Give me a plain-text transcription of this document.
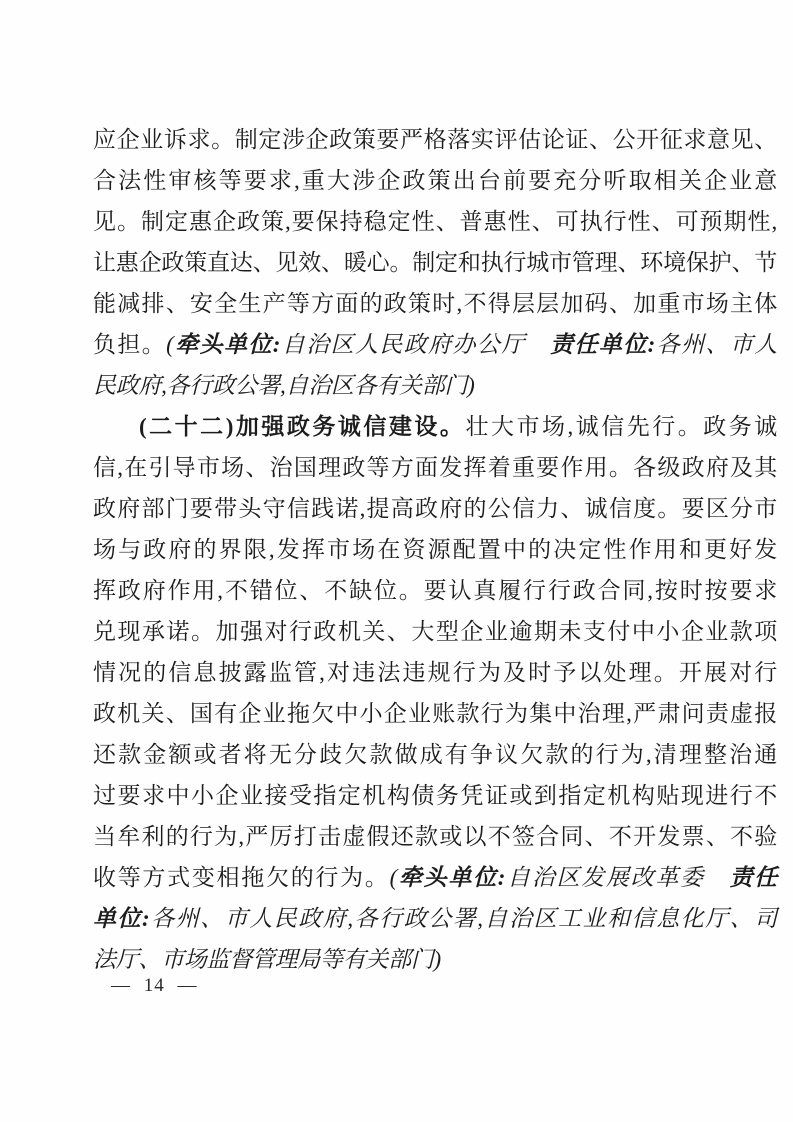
应企业诉求。制定涉企政策要严格落实评估论证、公开征求意见、
合法性审核等要求,重大涉企政策出台前要充分听取相关企业意
见。制定惠企政策,要保持稳定性、普惠性、可执行性、可预期性,
让惠企政策直达、见效、暖心。制定和执行城市管理、环境保护、节
能减排、安全生产等方面的政策时,不得层层加码、加重市场主体
负担。(牵头单位:自治区人民政府办公厅　 责任单位:各州、市人
民政府,各行政公署,自治区各有关部门)
(二十二)加强政务诚信建设。壮大市场,诚信先行。政务诚
信,在引导市场、治国理政等方面发挥着重要作用。各级政府及其
政府部门要带头守信践诺,提高政府的公信力、诚信度。要区分市
场与政府的界限,发挥市场在资源配置中的决定性作用和更好发
挥政府作用,不错位、不缺位。要认真履行行政合同,按时按要求
兑现承诺。加强对行政机关、大型企业逾期未支付中小企业款项
情况的信息披露监管,对违法违规行为及时予以处理。开展对行
政机关、国有企业拖欠中小企业账款行为集中治理,严肃问责虚报
还款金额或者将无分歧欠款做成有争议欠款的行为,清理整治通
过要求中小企业接受指定机构债务凭证或到指定机构贴现进行不
当牟利的行为,严厉打击虚假还款或以不签合同、不开发票、不验
收等方式变相拖欠的行为。(牵头单位:自治区发展改革委　 责任
单位:各州、市人民政府,各行政公署,自治区工业和信息化厅、司
法厅、市场监督管理局等有关部门)
— 14 —
